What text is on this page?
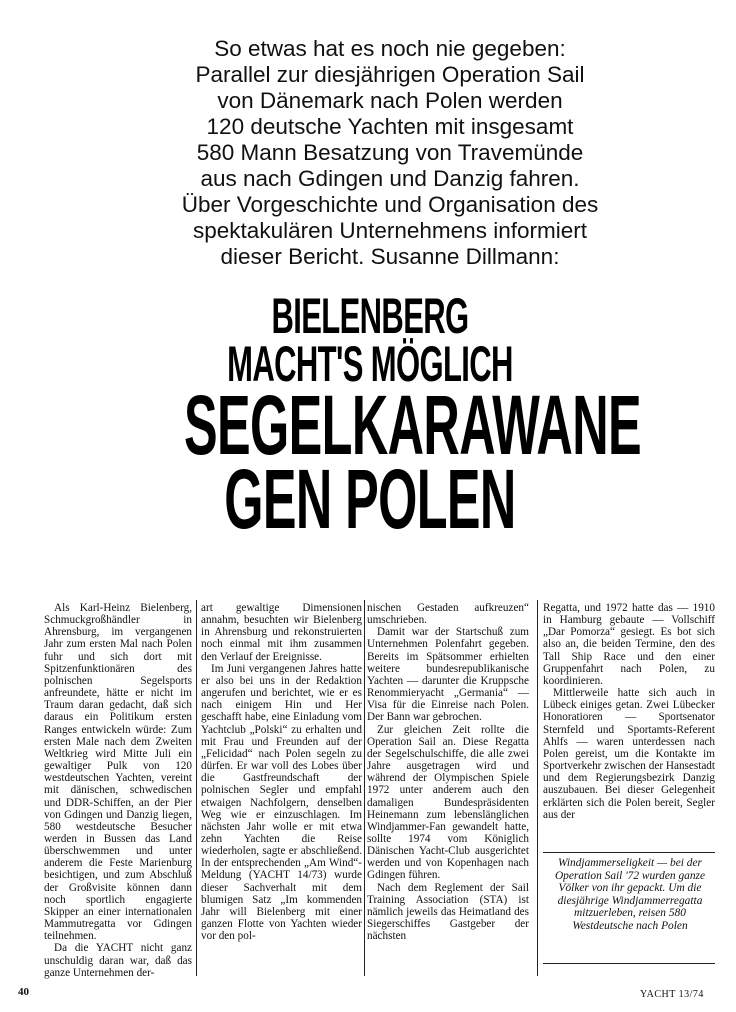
So etwas hat es noch nie gegeben:
Parallel zur diesjährigen Operation Sail
von Dänemark nach Polen werden
120 deutsche Yachten mit insgesamt
580 Mann Besatzung von Travemünde
aus nach Gdingen und Danzig fahren.
Über Vorgeschichte und Organisation des
spektakulären Unternehmens informiert
dieser Bericht. Susanne Dillmann:
BIELENBERG
MACHT'S MÖGLICH
SEGELKARAWANE
GEN POLEN

Als Karl-Heinz Bielenberg, Schmuckgroßhändler in Ahrensburg, im vergangenen Jahr zum ersten Mal nach Polen fuhr und sich dort mit Spitzenfunktionären des polnischen Segelsports anfreundete, hätte er nicht im Traum daran gedacht, daß sich daraus ein Politikum ersten Ranges entwickeln würde: Zum ersten Male nach dem Zweiten Weltkrieg wird Mitte Juli ein gewaltiger Pulk von 120 westdeutschen Yachten, vereint mit dänischen, schwedischen und DDR-Schiffen, an der Pier von Gdingen und Danzig liegen, 580 westdeutsche Besucher werden in Bussen das Land überschwemmen und unter anderem die Feste Marienburg besichtigen, und zum Abschluß der Großvisite können dann noch sportlich engagierte Skipper an einer internationalen Mammutregatta vor Gdingen teilnehmen.

Da die YACHT nicht ganz unschuldig daran war, daß das ganze Unternehmen der-

art gewaltige Dimensionen annahm, besuchten wir Bielenberg in Ahrensburg und rekonstruierten noch einmal mit ihm zusammen den Verlauf der Ereignisse.

Im Juni vergangenen Jahres hatte er also bei uns in der Redaktion angerufen und berichtet, wie er es nach einigem Hin und Her geschafft habe, eine Einladung vom Yachtclub „Polski“ zu erhalten und mit Frau und Freunden auf der „Felicidad“ nach Polen segeln zu dürfen. Er war voll des Lobes über die Gastfreundschaft der polnischen Segler und empfahl etwaigen Nachfolgern, denselben Weg wie er einzuschlagen. Im nächsten Jahr wolle er mit etwa zehn Yachten die Reise wiederholen, sagte er abschließend. In der entsprechenden „Am Wind“-Meldung (YACHT 14/73) wurde dieser Sachverhalt mit dem blumigen Satz „Im kommenden Jahr will Bielenberg mit einer ganzen Flotte von Yachten wieder vor den pol-

nischen Gestaden aufkreuzen“ umschrieben.

Damit war der Startschuß zum Unternehmen Polenfahrt gegeben. Bereits im Spätsommer erhielten weitere bundesrepublikanische Yachten — darunter die Kruppsche Renommieryacht „Germania“ — Visa für die Einreise nach Polen. Der Bann war gebrochen.

Zur gleichen Zeit rollte die Operation Sail an. Diese Regatta der Segelschulschiffe, die alle zwei Jahre ausgetragen wird und während der Olympischen Spiele 1972 unter anderem auch den damaligen Bundespräsidenten Heinemann zum lebenslänglichen Windjammer-Fan gewandelt hatte, sollte 1974 vom Königlich Dänischen Yacht-Club ausgerichtet werden und von Kopenhagen nach Gdingen führen.

Nach dem Reglement der Sail Training Association (STA) ist nämlich jeweils das Heimatland des Siegerschiffes Gastgeber der nächsten

Regatta, und 1972 hatte das — 1910 in Hamburg gebaute — Vollschiff „Dar Pomorza“ gesiegt. Es bot sich also an, die beiden Termine, den des Tall Ship Race und den einer Gruppenfahrt nach Polen, zu koordinieren.

Mittlerweile hatte sich auch in Lübeck einiges getan. Zwei Lübecker Honoratioren — Sportsenator Sternfeld und Sportamts-Referent Ahlfs — waren unterdessen nach Polen gereist, um die Kontakte im Sportverkehr zwischen der Hansestadt und dem Regierungsbezirk Danzig auszubauen. Bei dieser Gelegenheit erklärten sich die Polen bereit, Segler aus der

Windjammerseligkeit — bei der Operation Sail '72 wurden ganze Völker von ihr gepackt. Um die diesjährige Windjammerregatta mitzuerleben, reisen 580 Westdeutsche nach Polen
40	YACHT 13/74
